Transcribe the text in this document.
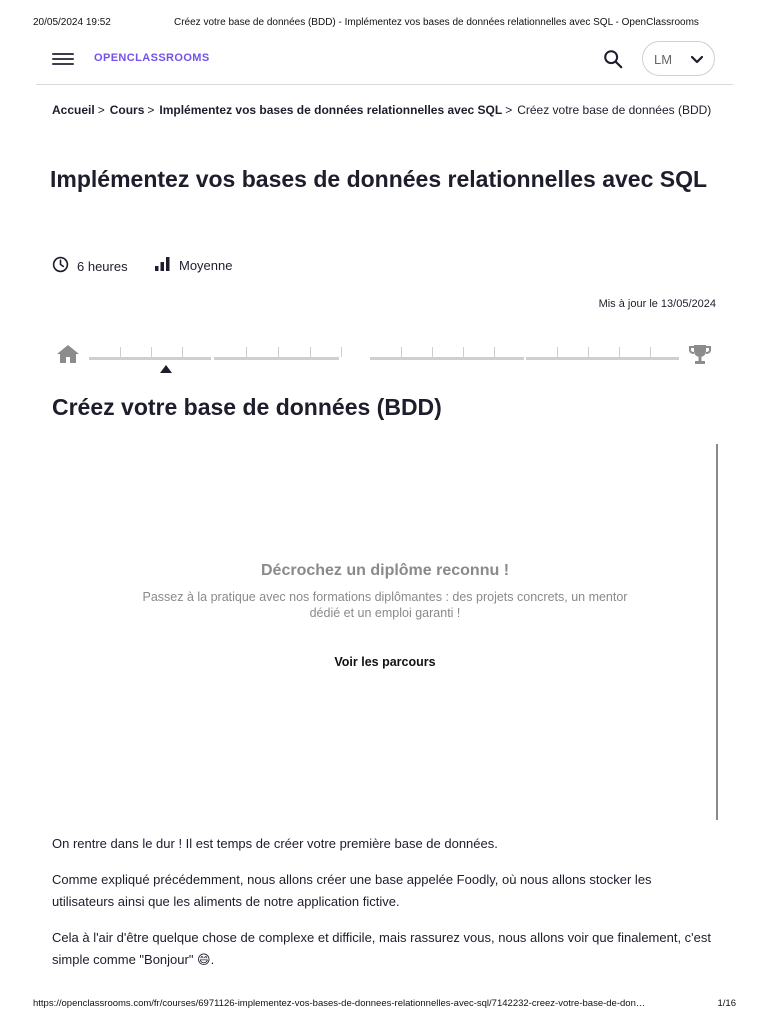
20/05/2024 19:52	Créez votre base de données (BDD) - Implémentez vos bases de données relationnelles avec SQL - OpenClassrooms
OPENCLASSROOMS	LM
Accueil > Cours > Implémentez vos bases de données relationnelles avec SQL > Créez votre base de données (BDD)
Implémentez vos bases de données relationnelles avec SQL
6 heures	Moyenne
Mis à jour le 13/05/2024
Créez votre base de données (BDD)
Décrochez un diplôme reconnu !
Passez à la pratique avec nos formations diplômantes : des projets concrets, un mentor dédié et un emploi garanti !
Voir les parcours

On rentre dans le dur ! Il est temps de créer votre première base de données.

Comme expliqué précédemment, nous allons créer une base appelée Foodly, où nous allons stocker les utilisateurs ainsi que les aliments de notre application fictive.

Cela à l'air d'être quelque chose de complexe et difficile, mais rassurez vous, nous allons voir que finalement, c'est simple comme "Bonjour" 😄.

https://openclassrooms.com/fr/courses/6971126-implementez-vos-bases-de-donnees-relationnelles-avec-sql/7142232-creez-votre-base-de-don…	1/16
